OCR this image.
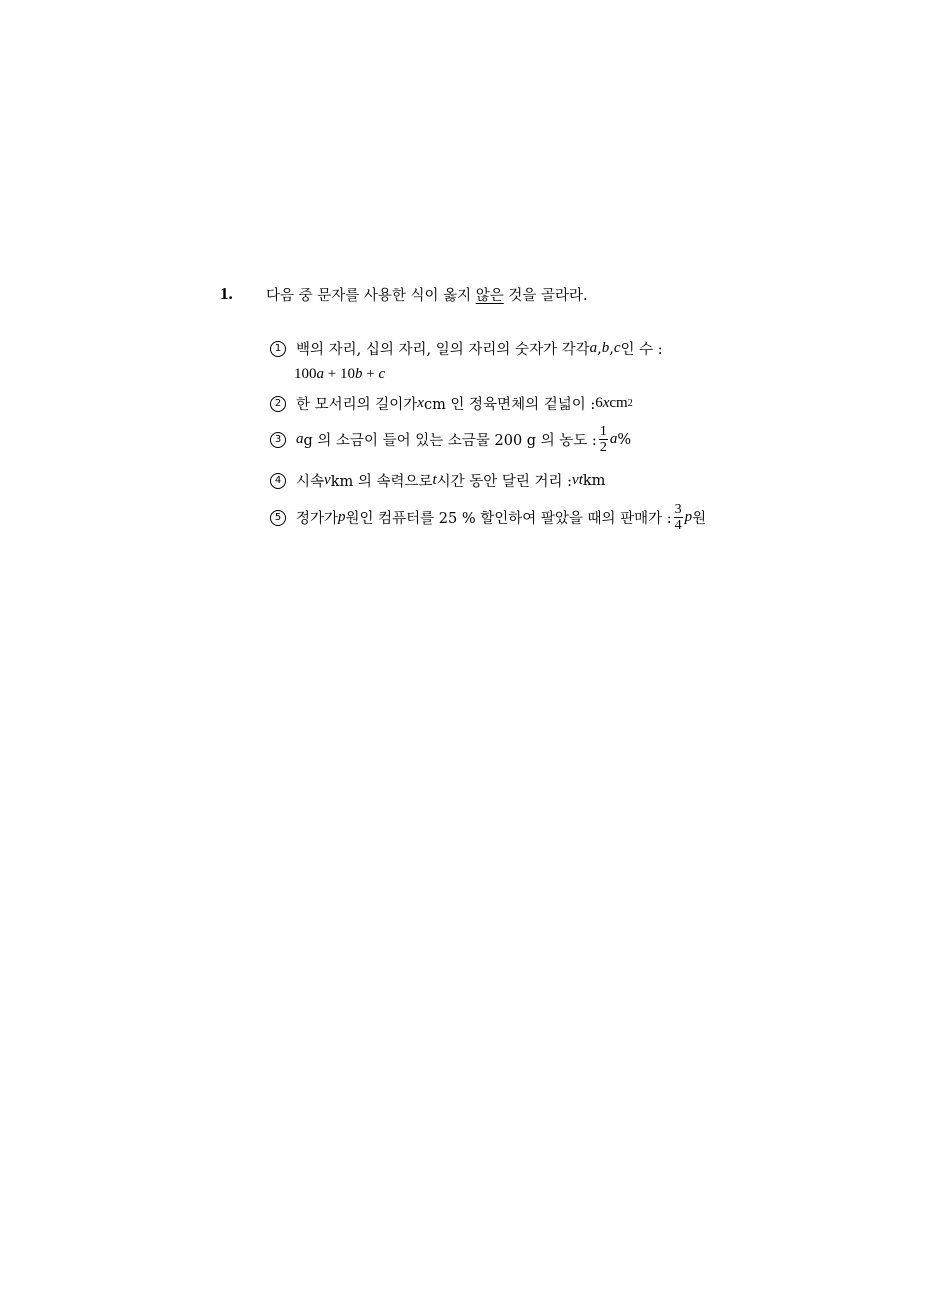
1. 다음 중 문자를 사용한 식이 옳지 않은 것을 골라라.
1	백의 자리, 십의 자리, 일의 자리의 숫자가 각각 a , b , c 인 수 :
100a + 10b + c
2	한 모서리의 길이가 x cm 인 정육면체의 겉넓이 : 6 x cm 2
3 a g 의 소금이 들어 있는 소금물 200 g 의 농도 : $\frac{1}{2}$ a %
4	시속 v km 의 속력으로 t 시간 동안 달린 거리 : vt km
5	정가가 p 원인 컴퓨터를 25 % 할인하여 팔았을 때의 판매가 : $\frac{3}{4}$ p 원
